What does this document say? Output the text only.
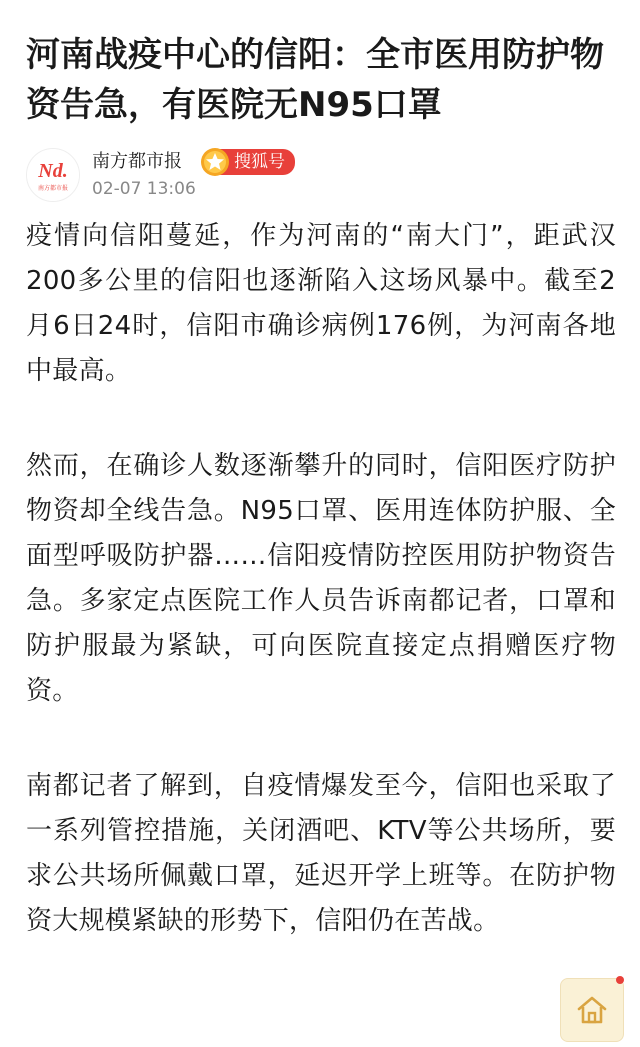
河南战疫中心的信阳：全市医用防护物资告急，有医院无N95口罩
Nd.
南方都市报
南方都市报	搜狐号
02-07 13:06

疫情向信阳蔓延，作为河南的“南大门”，距武汉200多公里的信阳也逐渐陷入这场风暴中。截至2月6日24时，信阳市确诊病例176例，为河南各地中最高。

然而，在确诊人数逐渐攀升的同时，信阳医疗防护物资却全线告急。N95口罩、医用连体防护服、全面型呼吸防护器……信阳疫情防控医用防护物资告急。多家定点医院工作人员告诉南都记者，口罩和防护服最为紧缺，可向医院直接定点捐赠医疗物资。

南都记者了解到，自疫情爆发至今，信阳也采取了一系列管控措施，关闭酒吧、KTV等公共场所，要求公共场所佩戴口罩，延迟开学上班等。在防护物资大规模紧缺的形势下，信阳仍在苦战。
